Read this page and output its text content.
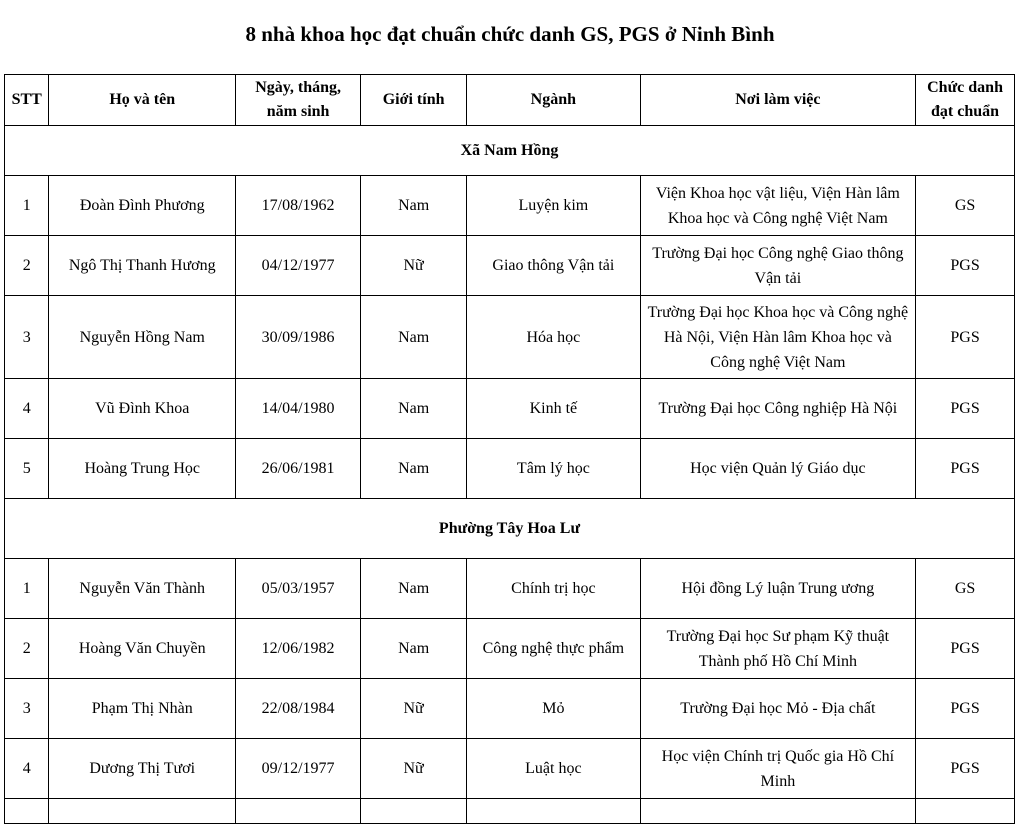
8 nhà khoa học đạt chuẩn chức danh GS, PGS ở Ninh Bình
STT	Họ và tên	Ngày, tháng, năm sinh	Giới tính	Ngành	Nơi làm việc	Chức danh đạt chuẩn
Xã Nam Hồng						
1	Đoàn Đình Phương	17/08/1962	Nam	Luyện kim	Viện Khoa học vật liệu, Viện Hàn lâm Khoa học và Công nghệ Việt Nam	GS
2	Ngô Thị Thanh Hương	04/12/1977	Nữ	Giao thông Vận tải	Trường Đại học Công nghệ Giao thông Vận tải	PGS
3	Nguyễn Hồng Nam	30/09/1986	Nam	Hóa học	Trường Đại học Khoa học và Công nghệ Hà Nội, Viện Hàn lâm Khoa học và Công nghệ Việt Nam	PGS
4	Vũ Đình Khoa	14/04/1980	Nam	Kinh tế	Trường Đại học Công nghiệp Hà Nội	PGS
5	Hoàng Trung Học	26/06/1981	Nam	Tâm lý học	Học viện Quản lý Giáo dục	PGS
Phường Tây Hoa Lư						
1	Nguyễn Văn Thành	05/03/1957	Nam	Chính trị học	Hội đồng Lý luận Trung ương	GS
2	Hoàng Văn Chuyền	12/06/1982	Nam	Công nghệ thực phẩm	Trường Đại học Sư phạm Kỹ thuật Thành phố Hồ Chí Minh	PGS
3	Phạm Thị Nhàn	22/08/1984	Nữ	Mỏ	Trường Đại học Mỏ - Địa chất	PGS
4	Dương Thị Tươi	09/12/1977	Nữ	Luật học	Học viện Chính trị Quốc gia Hồ Chí Minh	PGS
